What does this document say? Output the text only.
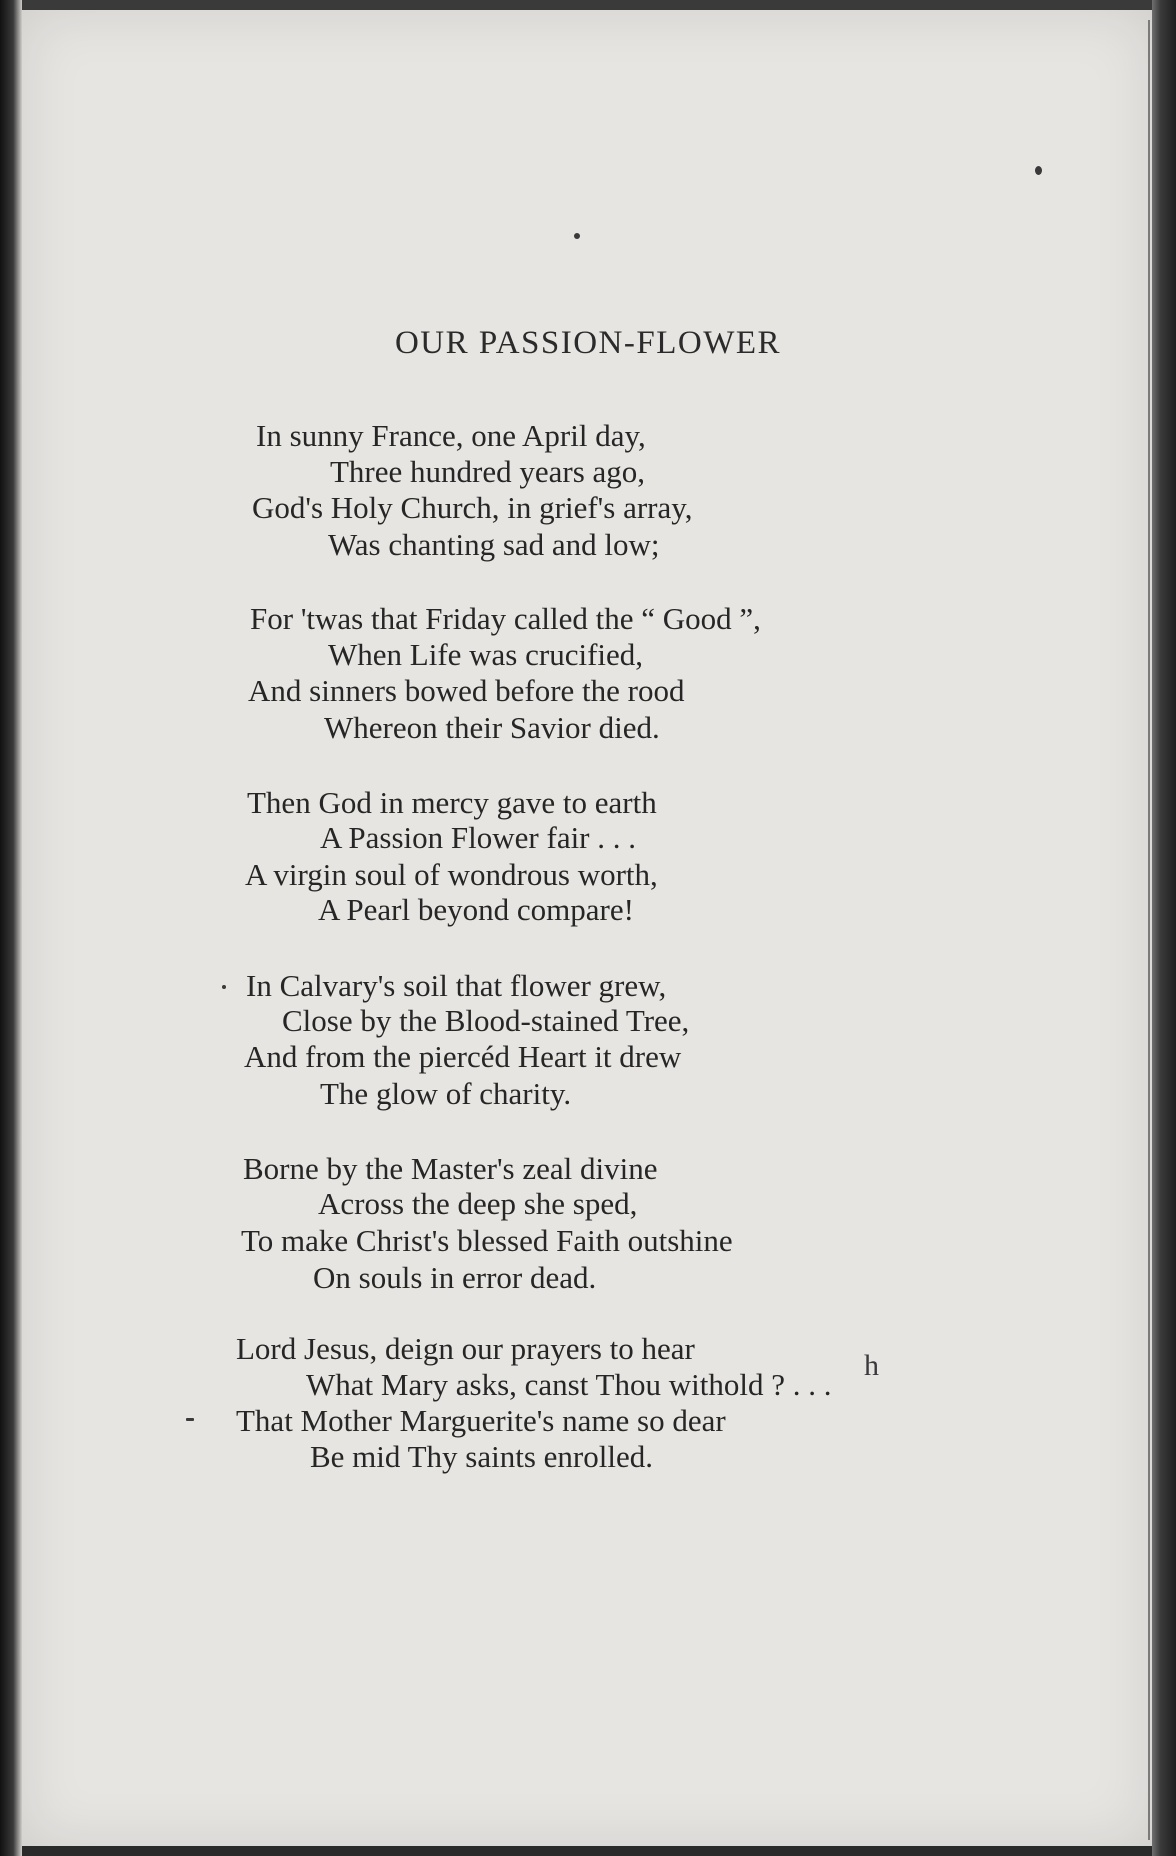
OUR PASSION-FLOWER
In sunny France, one April day,
Three hundred years ago,
God's Holy Church, in grief's array,
Was chanting sad and low;
For 'twas that Friday called the “ Good ”,
When Life was crucified,
And sinners bowed before the rood
Whereon their Savior died.
Then God in mercy gave to earth
A Passion Flower fair . . .
A virgin soul of wondrous worth,
A Pearl beyond compare!
In Calvary's soil that flower grew,
Close by the Blood-stained Tree,
And from the piercéd Heart it drew
The glow of charity.
Borne by the Master's zeal divine
Across the deep she sped,
To make Christ's blessed Faith outshine
On souls in error dead.
Lord Jesus, deign our prayers to hear
What Mary asks, canst Thou withold ? . . .
That Mother Marguerite's name so dear
Be mid Thy saints enrolled.
h
